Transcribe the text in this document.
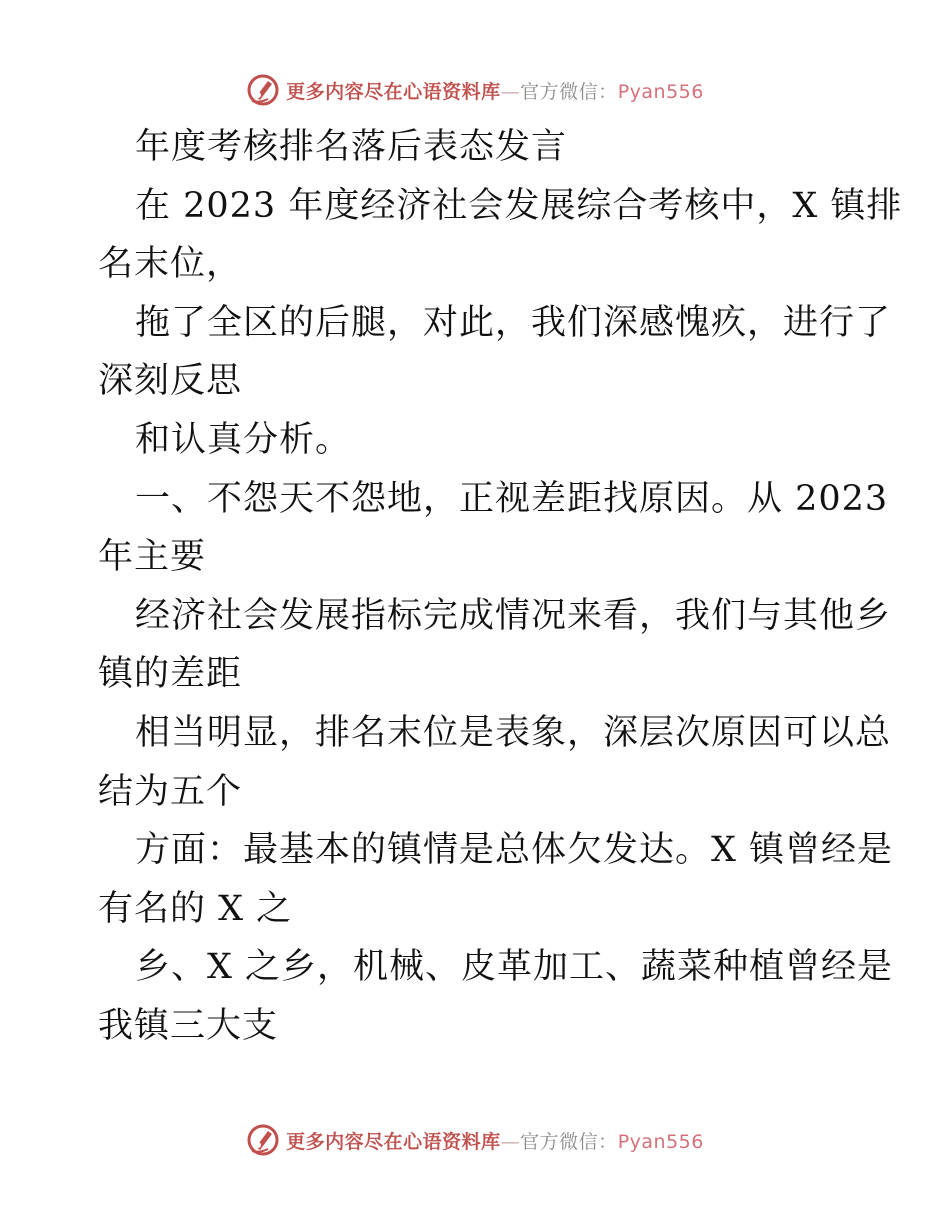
更多内容尽在心语资料库—官方微信：Pyan556
年度考核排名落后表态发言
在 2023 年度经济社会发展综合考核中，X 镇排
名末位，
拖了全区的后腿，对此，我们深感愧疚，进行了
深刻反思
和认真分析。
一、不怨天不怨地，正视差距找原因。从 2023
年主要
经济社会发展指标完成情况来看，我们与其他乡
镇的差距
相当明显，排名末位是表象，深层次原因可以总
结为五个
方面：最基本的镇情是总体欠发达。X 镇曾经是
有名的 X 之
乡、X 之乡，机械、皮革加工、蔬菜种植曾经是
我镇三大支
更多内容尽在心语资料库—官方微信：Pyan556
